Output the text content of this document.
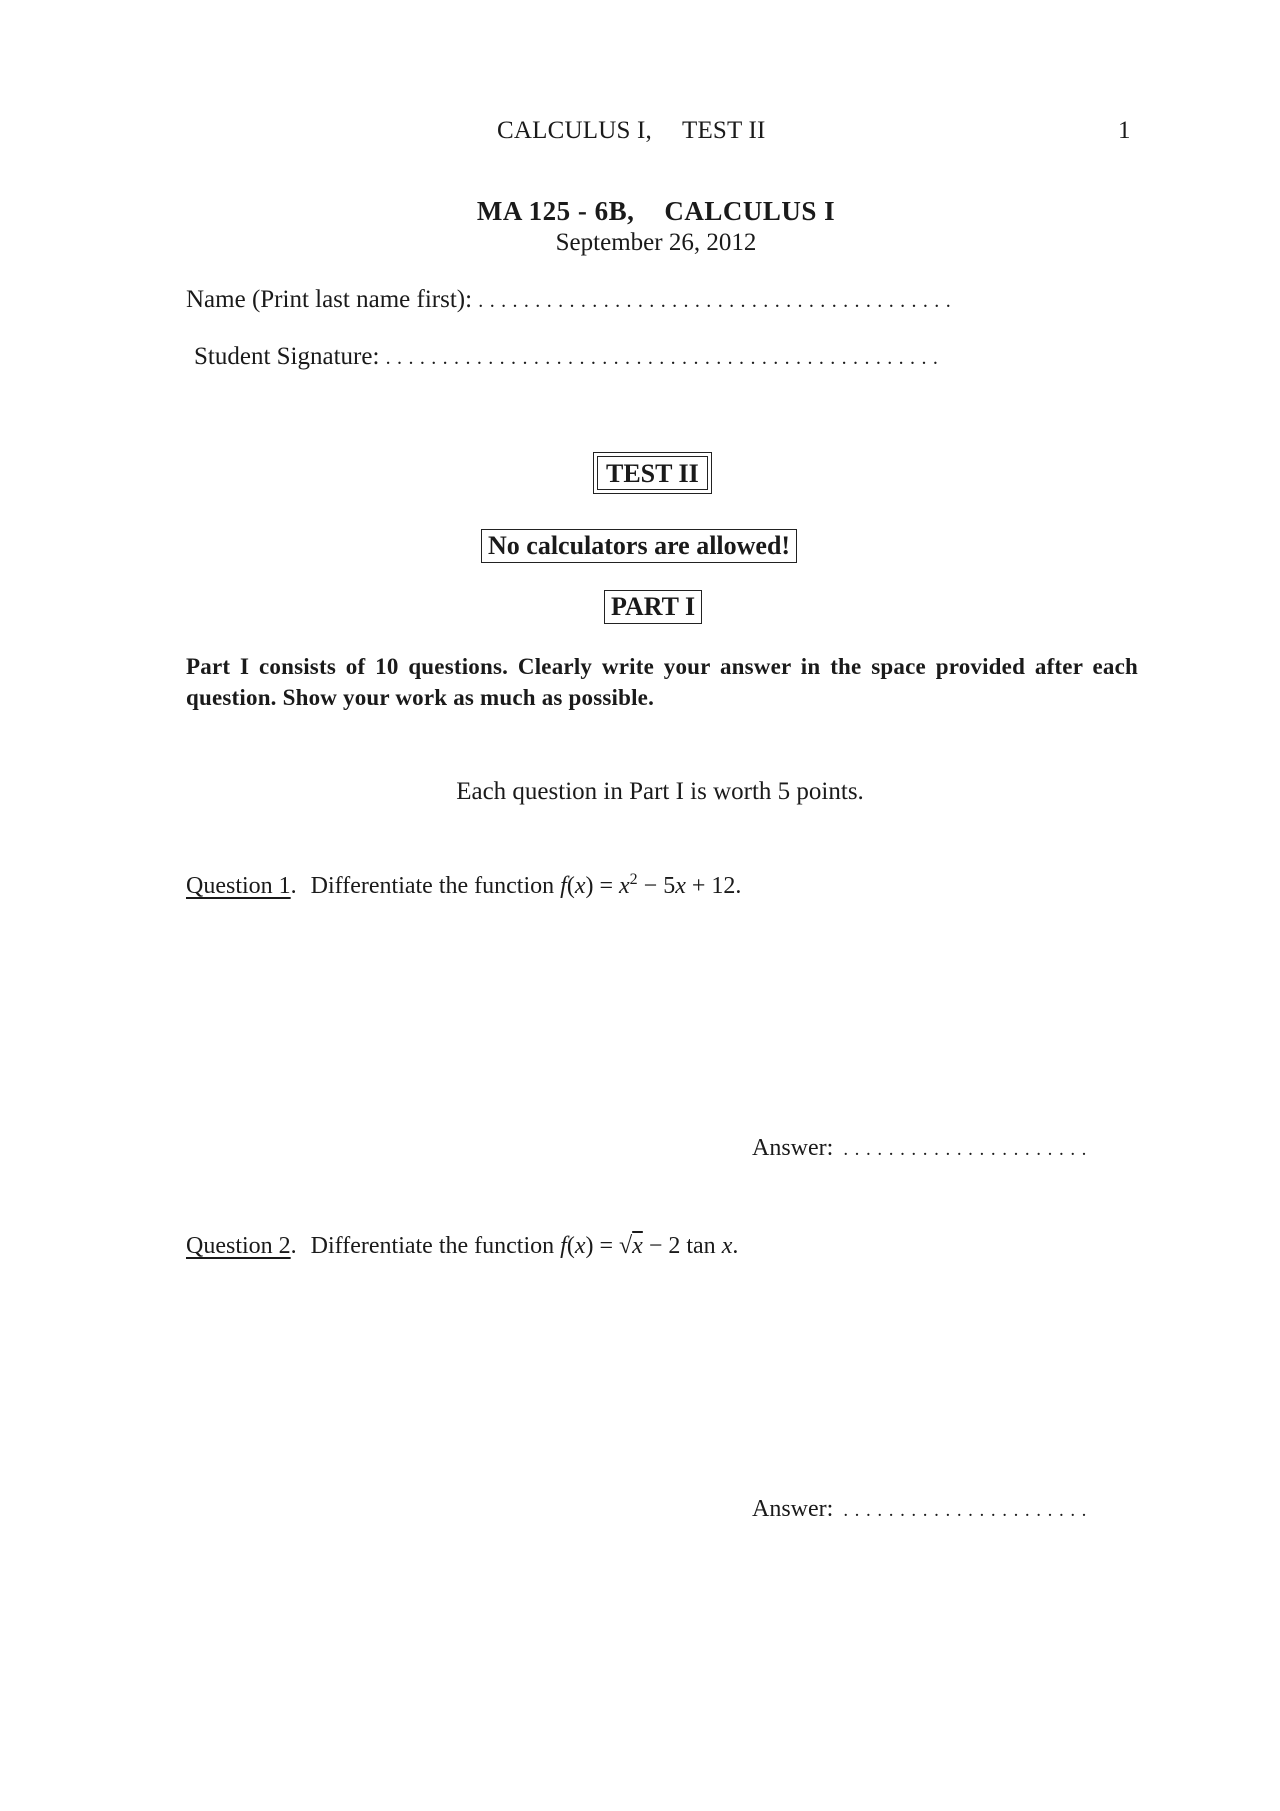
CALCULUS I, TEST II	1
MA 125 - 6B, CALCULUS I
September 26, 2012
Name (Print last name first): ..........................................
Student Signature: .................................................
TEST II
No calculators are allowed!
PART I
Part I consists of 10 questions. Clearly write your answer in the space provided after each question. Show your work as much as possible.
Each question in Part I is worth 5 points.
Question 1. Differentiate the function $f(x) = x^2 - 5x + 12$.
Answer: ......................
Question 2. Differentiate the function f(x) = √x − 2 tan x.
Answer: ......................
